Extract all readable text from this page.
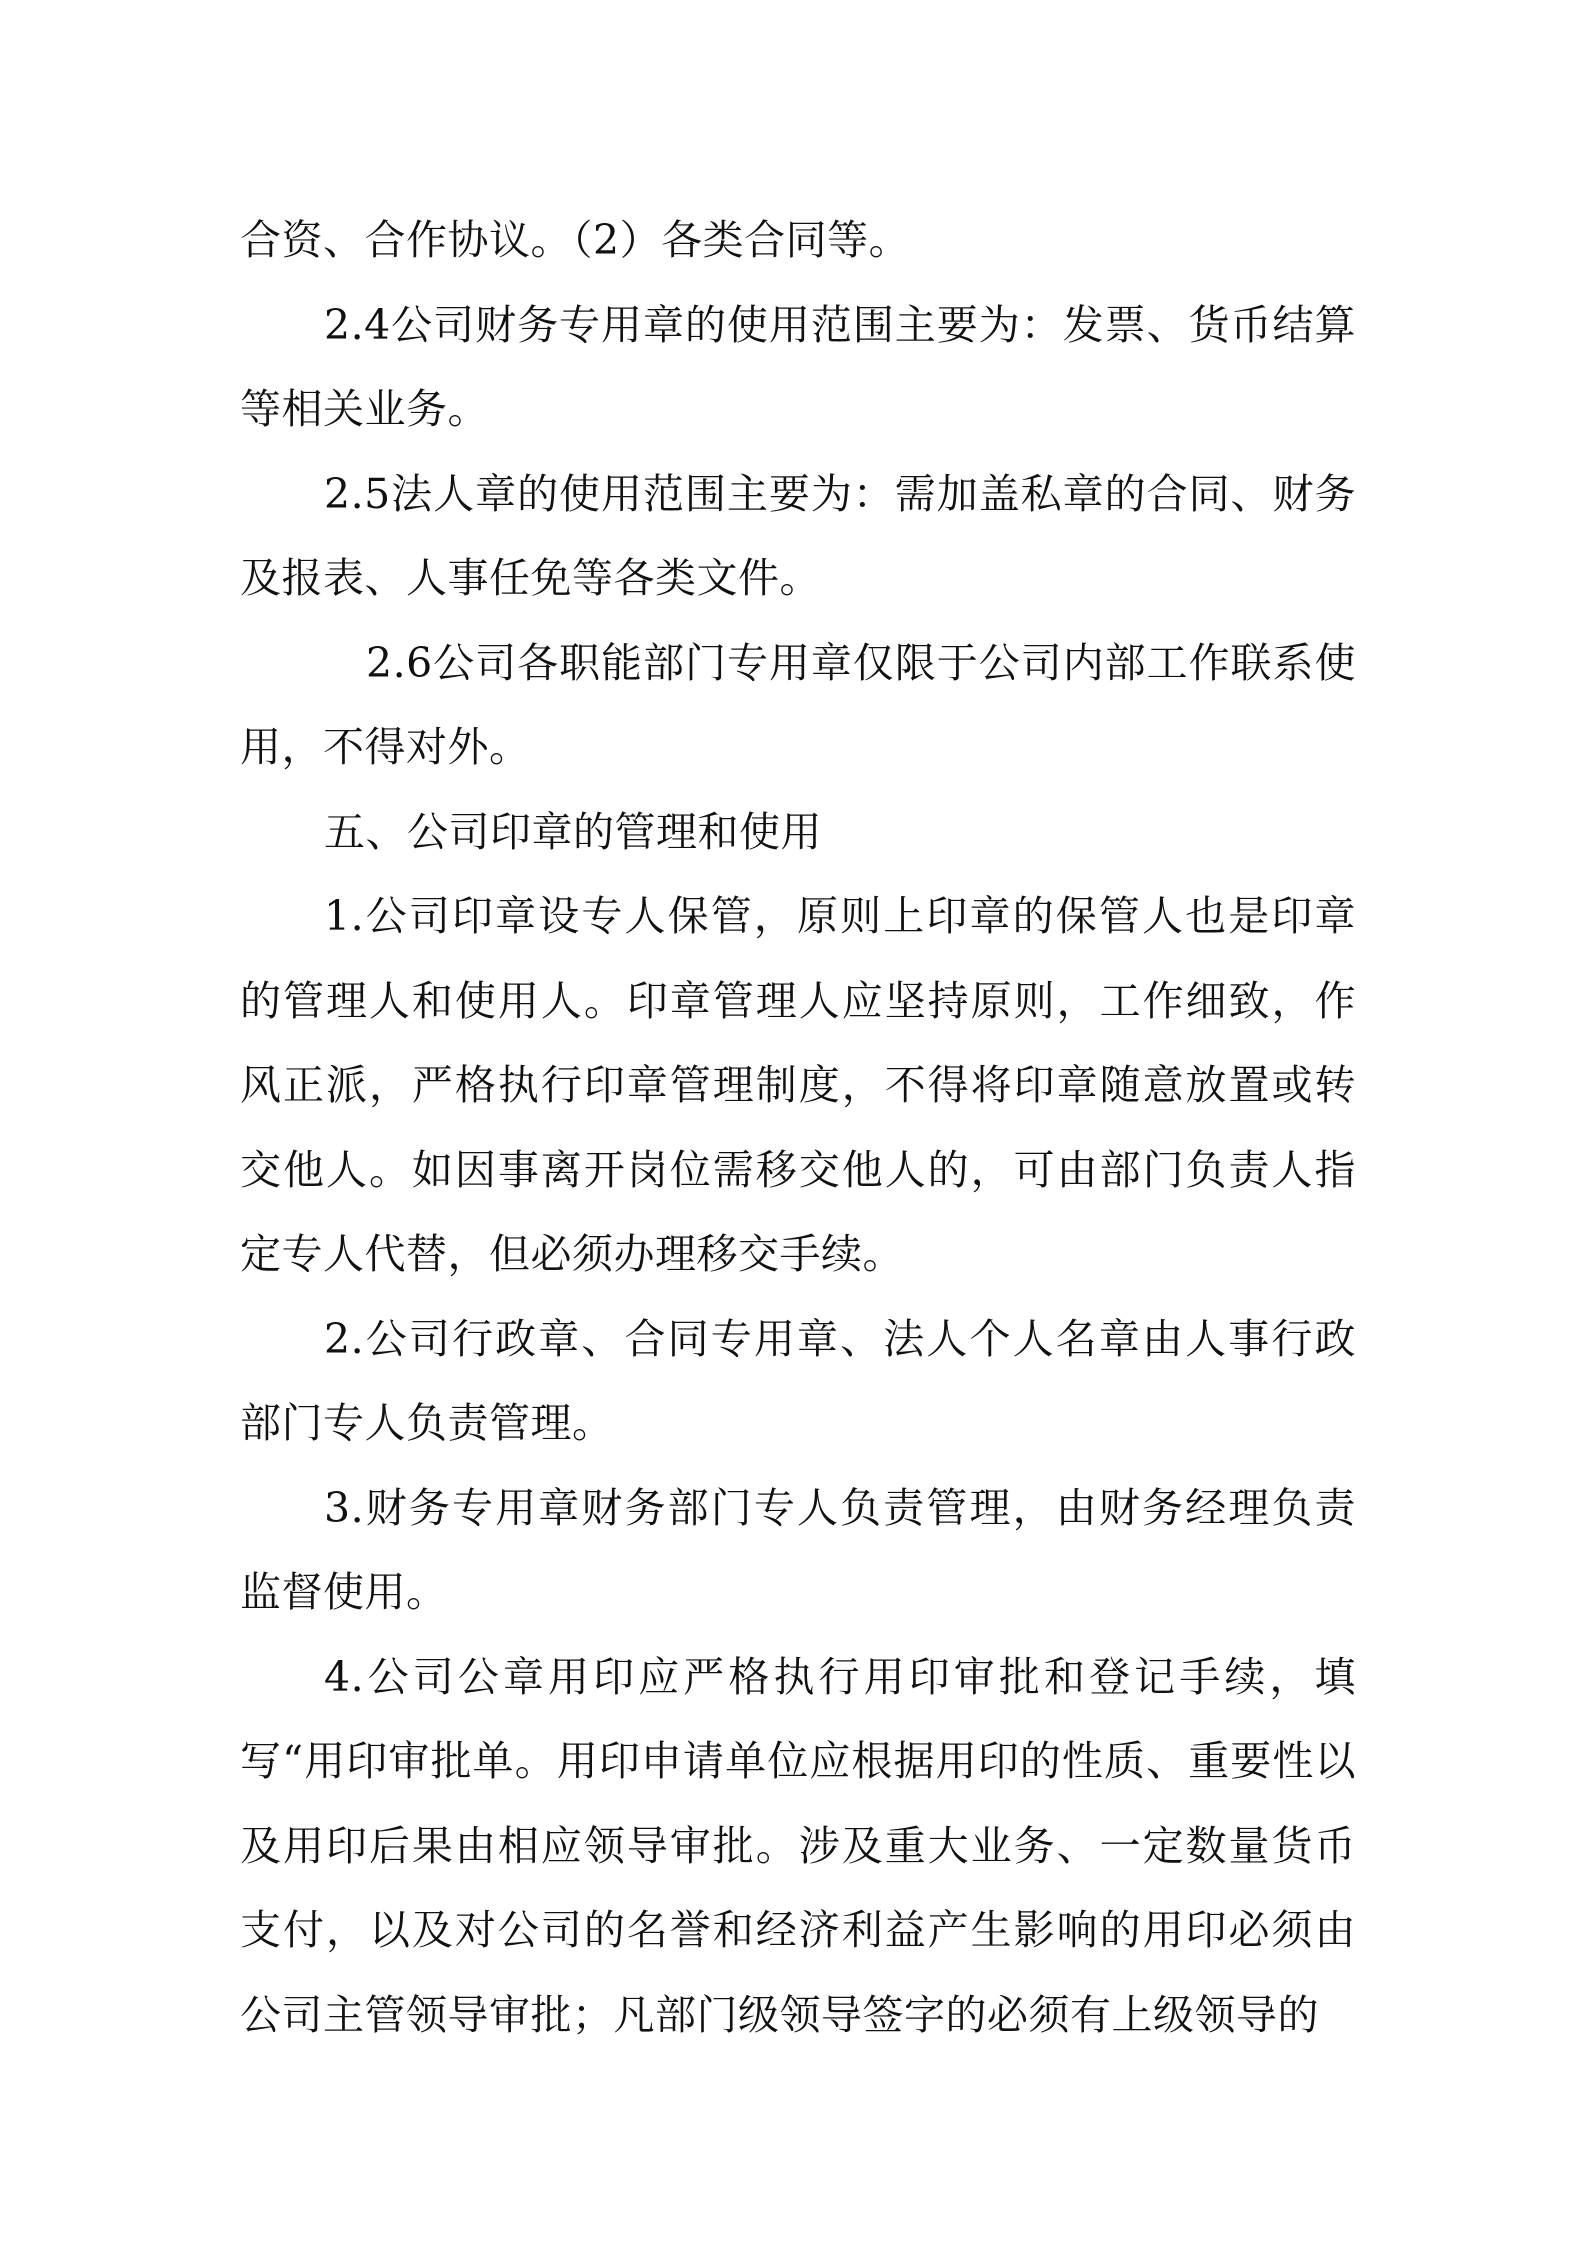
合资、合作协议。（2）各类合同等。

2.4公司财务专用章的使用范围主要为：发票、货币结算等相关业务。

2.5法人章的使用范围主要为：需加盖私章的合同、财务及报表、人事任免等各类文件。

2.6公司各职能部门专用章仅限于公司内部工作联系使用，不得对外。

五、公司印章的管理和使用

1.公司印章设专人保管，原则上印章的保管人也是印章的管理人和使用人。印章管理人应坚持原则，工作细致，作风正派，严格执行印章管理制度，不得将印章随意放置或转交他人。如因事离开岗位需移交他人的，可由部门负责人指定专人代替，但必须办理移交手续。

2.公司行政章、合同专用章、法人个人名章由人事行政部门专人负责管理。

3.财务专用章财务部门专人负责管理，由财务经理负责监督使用。

4.公司公章用印应严格执行用印审批和登记手续，填写“用印审批单。用印申请单位应根据用印的性质、重要性以及用印后果由相应领导审批。涉及重大业务、一定数量货币支付，以及对公司的名誉和经济利益产生影响的用印必须由公司主管领导审批；凡部门级领导签字的必须有上级领导的
